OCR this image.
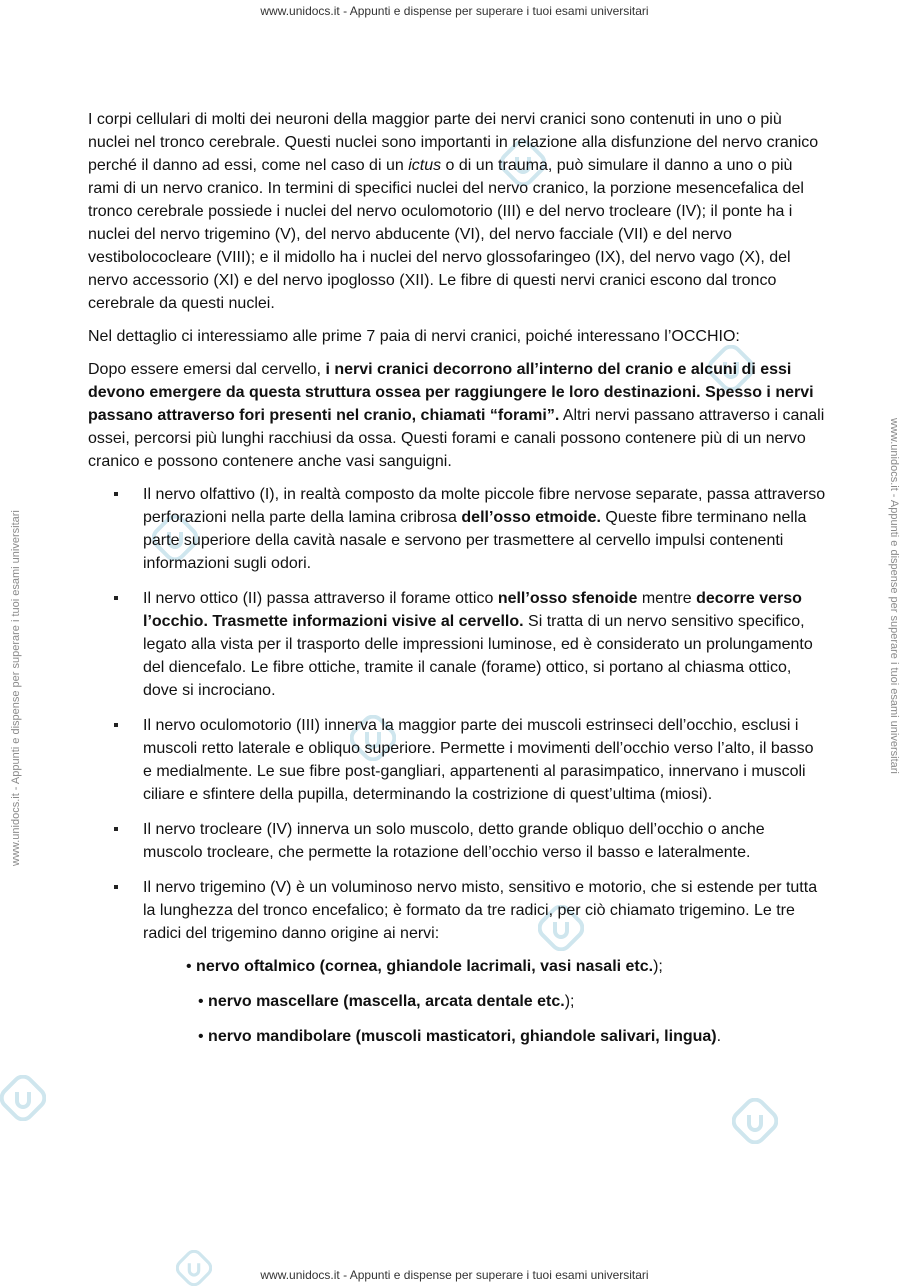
www.unidocs.it - Appunti e dispense per superare i tuoi esami universitari
www.unidocs.it - Appunti e dispense per superare i tuoi esami universitari	www.unidocs.it - Appunti e dispense per superare i tuoi esami universitari

I corpi cellulari di molti dei neuroni della maggior parte dei nervi cranici sono contenuti in uno o più nuclei nel tronco cerebrale. Questi nuclei sono importanti in relazione alla disfunzione del nervo cranico perché il danno ad essi, come nel caso di un ictus o di un trauma, può simulare il danno a uno o più rami di un nervo cranico. In termini di specifici nuclei del nervo cranico, la porzione mesencefalica del tronco cerebrale possiede i nuclei del nervo oculomotorio (III) e del nervo trocleare (IV); il ponte ha i nuclei del nervo trigemino (V), del nervo abducente (VI), del nervo facciale (VII) e del nervo vestibolococleare (VIII); e il midollo ha i nuclei del nervo glossofaringeo (IX), del nervo vago (X), del nervo accessorio (XI) e del nervo ipoglosso (XII). Le fibre di questi nervi cranici escono dal tronco cerebrale da questi nuclei.

Nel dettaglio ci interessiamo alle prime 7 paia di nervi cranici, poiché interessano l’OCCHIO:

Dopo essere emersi dal cervello, i nervi cranici decorrono all’interno del cranio e alcuni di essi devono emergere da questa struttura ossea per raggiungere le loro destinazioni. Spesso i nervi passano attraverso fori presenti nel cranio, chiamati “forami”. Altri nervi passano attraverso i canali ossei, percorsi più lunghi racchiusi da ossa. Questi forami e canali possono contenere più di un nervo cranico e possono contenere anche vasi sanguigni.

Il nervo olfattivo (I), in realtà composto da molte piccole fibre nervose separate, passa attraverso perforazioni nella parte della lamina cribrosa dell’osso etmoide. Queste fibre terminano nella parte superiore della cavità nasale e servono per trasmettere al cervello impulsi contenenti informazioni sugli odori.
Il nervo ottico (II) passa attraverso il forame ottico nell’osso sfenoide mentre decorre verso l’occhio. Trasmette informazioni visive al cervello. Si tratta di un nervo sensitivo specifico, legato alla vista per il trasporto delle impressioni luminose, ed è considerato un prolungamento del diencefalo. Le fibre ottiche, tramite il canale (forame) ottico, si portano al chiasma ottico, dove si incrociano.
Il nervo oculomotorio (III) innerva la maggior parte dei muscoli estrinseci dell’occhio, esclusi i muscoli retto laterale e obliquo superiore. Permette i movimenti dell’occhio verso l’alto, il basso e medialmente. Le sue fibre post-gangliari, appartenenti al parasimpatico, innervano i muscoli ciliare e sfintere della pupilla, determinando la costrizione di quest’ultima (miosi).
Il nervo trocleare (IV) innerva un solo muscolo, detto grande obliquo dell’occhio o anche muscolo trocleare, che permette la rotazione dell’occhio verso il basso e lateralmente.
Il nervo trigemino (V) è un voluminoso nervo misto, sensitivo e motorio, che si estende per tutta la lunghezza del tronco encefalico; è formato da tre radici, per ciò chiamato trigemino. Le tre radici del trigemino danno origine ai nervi:
• nervo oftalmico (cornea, ghiandole lacrimali, vasi nasali etc.);
• nervo mascellare (mascella, arcata dentale etc.);
• nervo mandibolare (muscoli masticatori, ghiandole salivari, lingua).
www.unidocs.it - Appunti e dispense per superare i tuoi esami universitari
